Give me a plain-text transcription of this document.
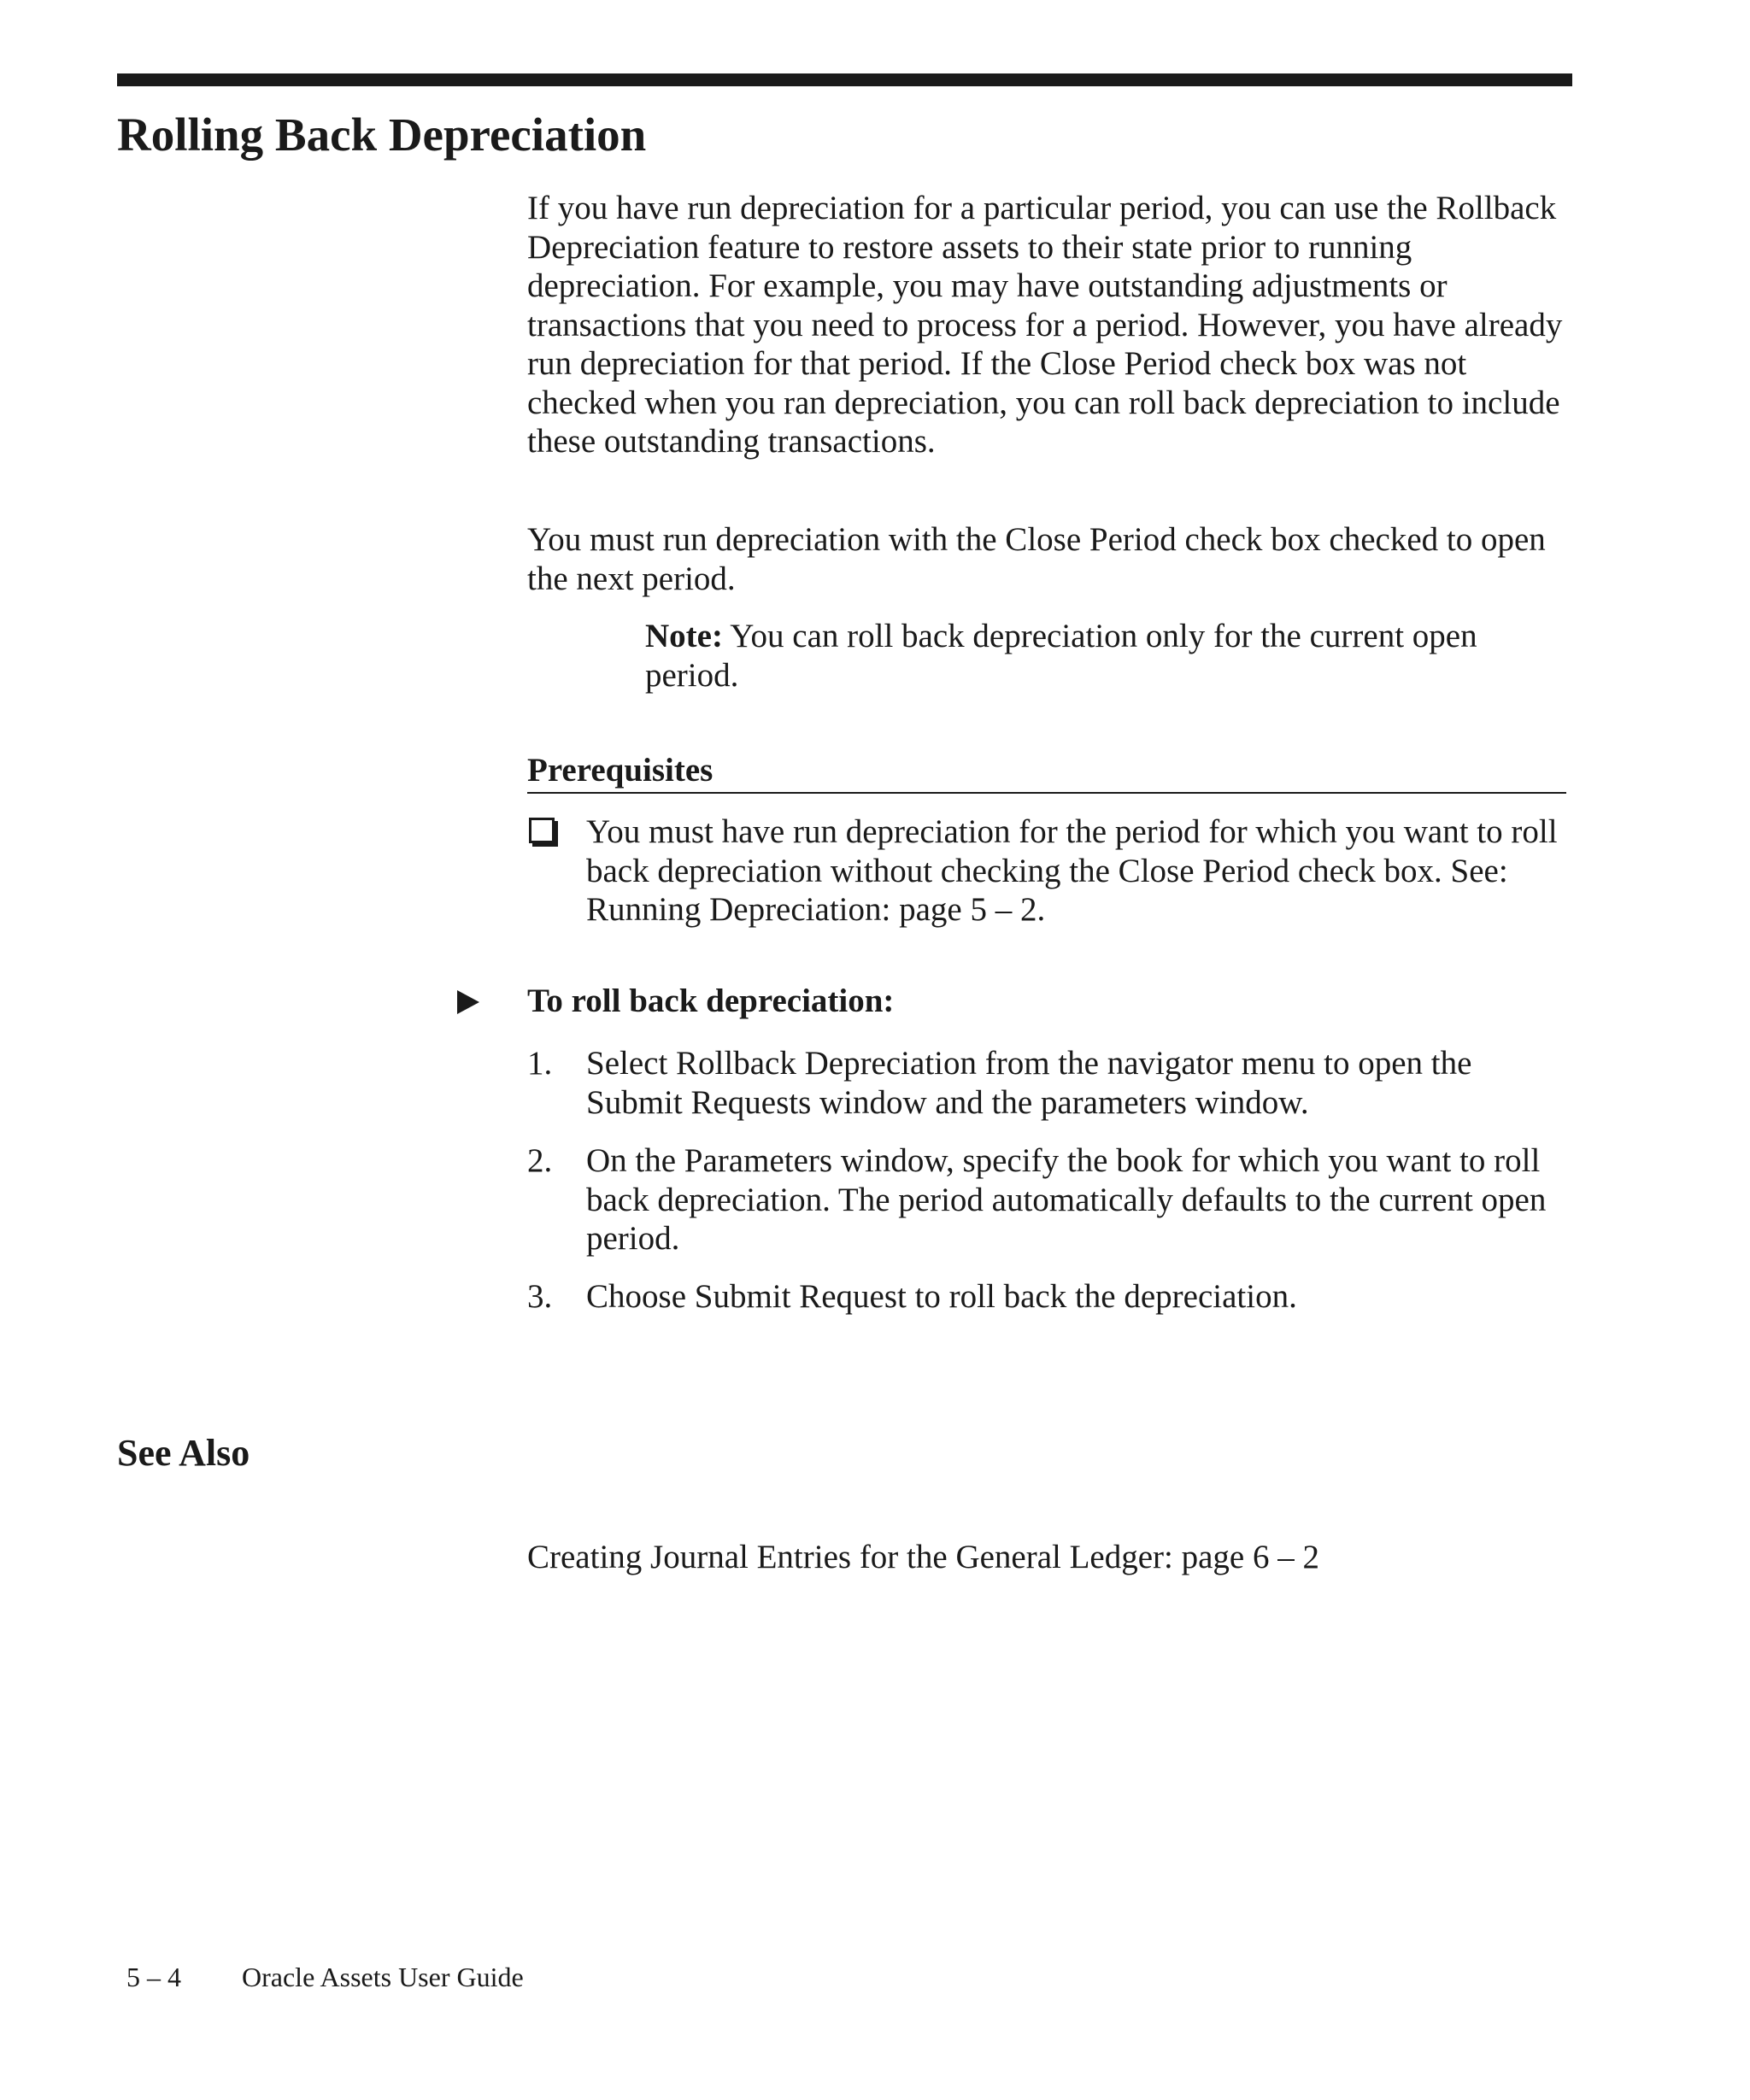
Rolling Back Depreciation

If you have run depreciation for a particular period, you can use the Rollback Depreciation feature to restore assets to their state prior to running depreciation. For example, you may have outstanding adjustments or transactions that you need to process for a period. However, you have already run depreciation for that period. If the Close Period check box was not checked when you ran depreciation, you can roll back depreciation to include these outstanding transactions.

You must run depreciation with the Close Period check box checked to open the next period.

Note: You can roll back depreciation only for the current open period.

Prerequisites
You must have run depreciation for the period for which you want to roll back depreciation without checking the Close Period check box. See: Running Depreciation: page 5 – 2.
To roll back depreciation:
1. Select Rollback Depreciation from the navigator menu to open the Submit Requests window and the parameters window.
2. On the Parameters window, specify the book for which you want to roll back depreciation. The period automatically defaults to the current open period.
3. Choose Submit Request to roll back the depreciation.
See Also
Creating Journal Entries for the General Ledger: page 6 – 2
5 – 4 Oracle Assets User Guide
